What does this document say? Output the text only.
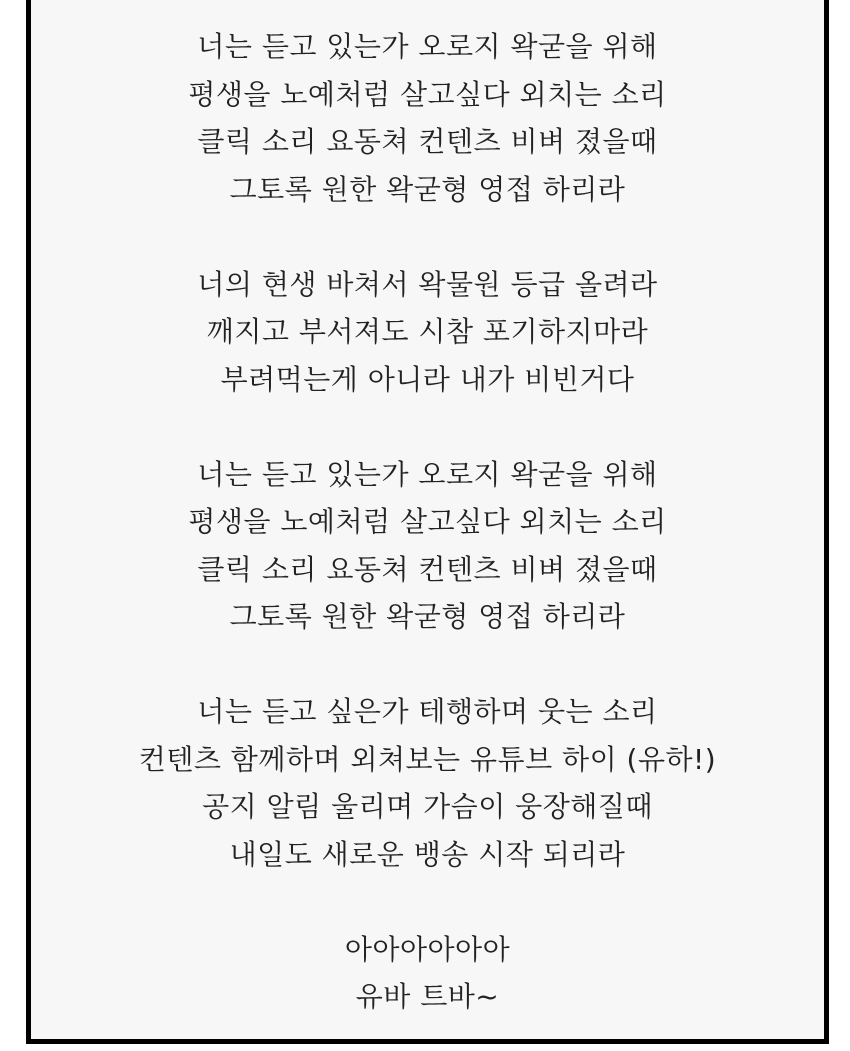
너는 듣고 있는가 오로지 왁굳을 위해
평생을 노예처럼 살고싶다 외치는 소리
클릭 소리 요동쳐 컨텐츠 비벼 졌을때
그토록 원한 왁굳형 영접 하리라
너의 현생 바쳐서 왁물원 등급 올려라
깨지고 부서져도 시참 포기하지마라
부려먹는게 아니라 내가 비빈거다
너는 듣고 있는가 오로지 왁굳을 위해
평생을 노예처럼 살고싶다 외치는 소리
클릭 소리 요동쳐 컨텐츠 비벼 졌을때
그토록 원한 왁굳형 영접 하리라
너는 듣고 싶은가 테행하며 웃는 소리
컨텐츠 함께하며 외쳐보는 유튜브 하이 (유하!)
공지 알림 울리며 가슴이 웅장해질때
내일도 새로운 뱅송 시작 되리라
아아아아아아
유바 트바~
